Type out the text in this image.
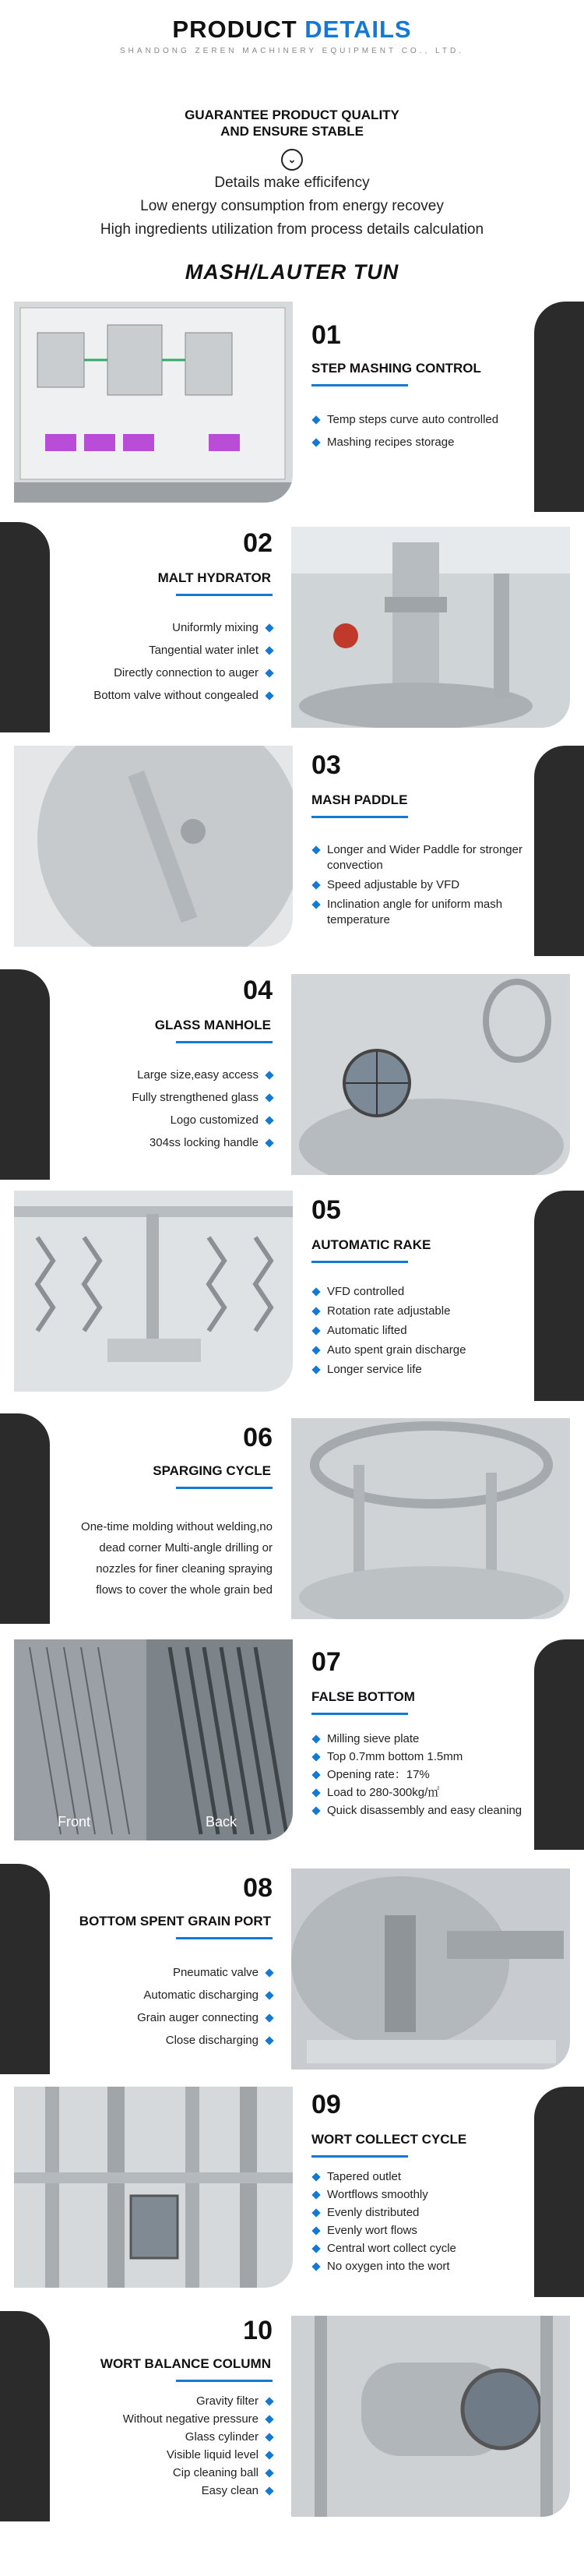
PRODUCT DETAILS
SHANDONG ZEREN MACHINERY EQUIPMENT CO., LTD.
GUARANTEE PRODUCT QUALITY
AND ENSURE STABLE
⌄
Details make efficifency
Low energy consumption from energy recovey
High ingredients utilization from process details calculation
MASH/LAUTER TUN
01
STEP MASHING CONTROL
Temp steps curve auto controlled
Mashing recipes storage
02
MALT HYDRATOR
Uniformly mixing
Tangential water inlet
Directly connection to auger
Bottom valve without congealed
03
MASH PADDLE
Longer and Wider Paddle for stronger convection
Speed adjustable by VFD
Inclination angle for uniform mash temperature
04
GLASS MANHOLE
Large size,easy access
Fully strengthened glass
Logo customized
304ss locking handle
05
AUTOMATIC RAKE
VFD controlled
Rotation rate adjustable
Automatic lifted
Auto spent grain discharge
Longer service life
06
SPARGING CYCLE
One-time molding without welding,no
dead corner Multi-angle drilling or
nozzles for finer cleaning spraying
flows to cover the whole grain bed
Front	Back
07
FALSE BOTTOM
Milling sieve plate
Top 0.7mm bottom 1.5mm
Opening rate：17%
Load to 280-300kg/㎡
Quick disassembly and easy cleaning
08
BOTTOM SPENT GRAIN PORT
Pneumatic valve
Automatic discharging
Grain auger connecting
Close discharging
09
WORT COLLECT CYCLE
Tapered outlet
Wortflows smoothly
Evenly distributed
Evenly wort flows
Central wort collect cycle
No oxygen into the wort
10
WORT BALANCE COLUMN
Gravity filter
Without negative pressure
Glass cylinder
Visible liquid level
Cip cleaning ball
Easy clean
